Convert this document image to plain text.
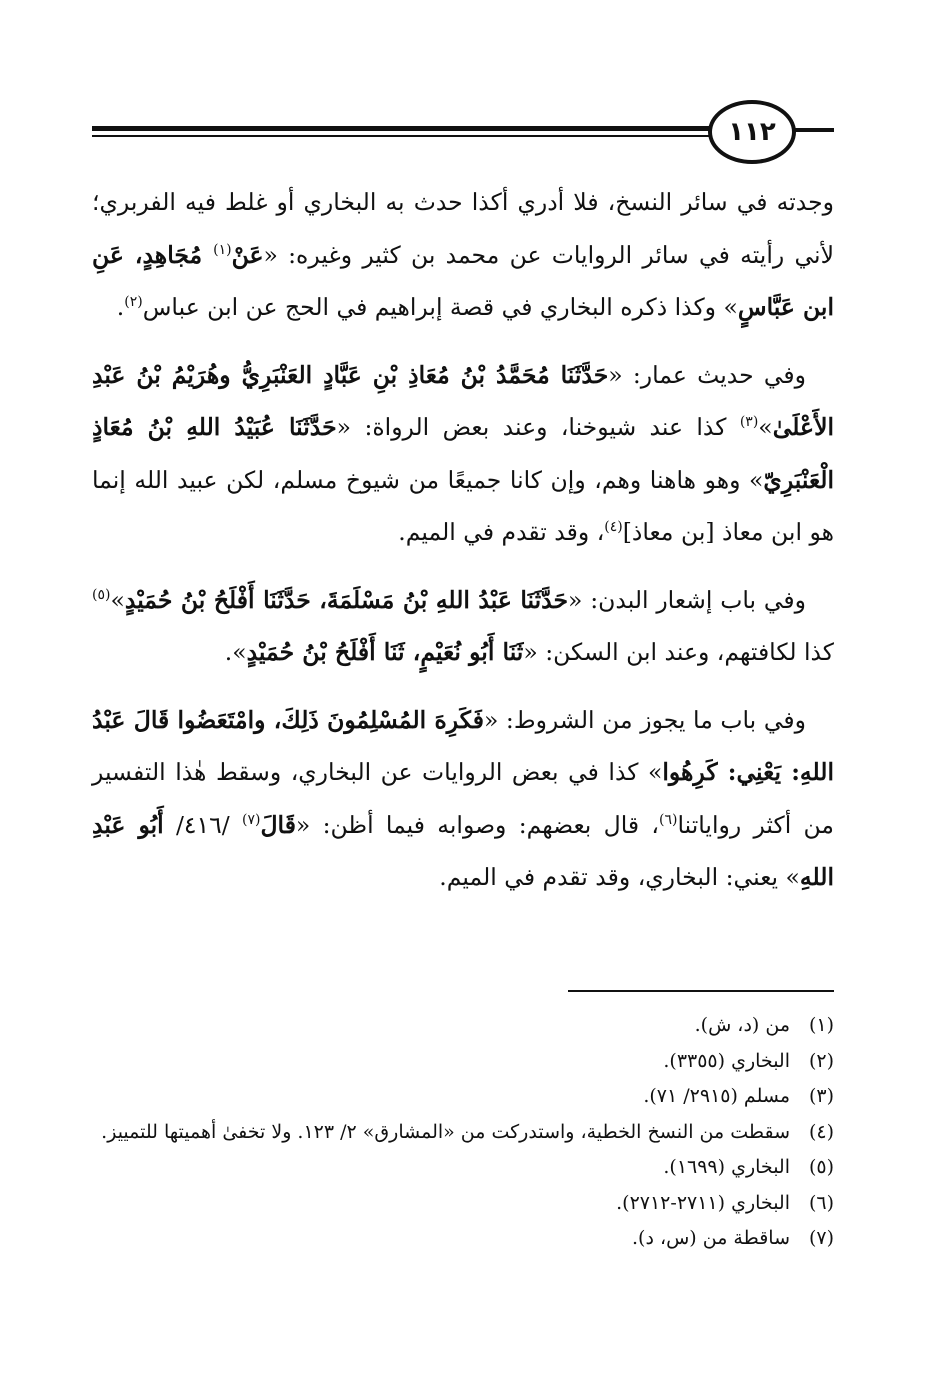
١١٢

وجدته في سائر النسخ، فلا أدري أكذا حدث به البخاري أو غلط فيه الفربري؛ لأني رأيته في سائر الروايات عن محمد بن كثير وغيره: «عَنْ$^{(١)}$ مُجَاهِدٍ، عَنِ ابن عَبَّاسٍ» وكذا ذكره البخاري في قصة إبراهيم في الحج عن ابن عباس$^{(٢)}$.

وفي حديث عمار: «حَدَّثَنَا مُحَمَّدُ بْنُ مُعَاذِ بْنِ عَبَّادٍ العَنْبَرِيُّ وهُرَيْمُ بْنُ عَبْدِ الأَعْلَىٰ»$^{(٣)}$ كذا عند شيوخنا، وعند بعض الرواة: «حَدَّثَنَا عُبَيْدُ اللهِ بْنُ مُعَاذٍ الْعَنْبَرِيّ» وهو هاهنا وهم، وإن كانا جميعًا من شيوخ مسلم، لكن عبيد الله إنما هو ابن معاذ [بن معاذ]$^{(٤)}$، وقد تقدم في الميم.

وفي باب إشعار البدن: «حَدَّثَنَا عَبْدُ اللهِ بْنُ مَسْلَمَةَ، حَدَّثَنَا أَفْلَحُ بْنُ حُمَيْدٍ»$^{(٥)}$ كذا لكافتهم، وعند ابن السكن: «ثَنَا أَبُو نُعَيْمٍ، ثَنَا أَفْلَحُ بْنُ حُمَيْدٍ».

وفي باب ما يجوز من الشروط: «فَكَرِهَ المُسْلِمُونَ ذَلِكَ، وامْتَعَضُوا قَالَ عَبْدُ اللهِ: يَعْنِي: كَرِهُوا» كذا في بعض الروايات عن البخاري، وسقط هٰذا التفسير من أكثر رواياتنا$^{(٦)}$، قال بعضهم: وصوابه فيما أظن: «قَالَ$^{(٧)}$ /٤١٦/ أَبُو عَبْدِ اللهِ» يعني: البخاري، وقد تقدم في الميم.

(١)
من (د، ش).
(٢)
البخاري (٣٣٥٥).
(٣)
مسلم (٢٩١٥/ ٧١).
(٤)
سقطت من النسخ الخطية، واستدركت من «المشارق» ٢/ ١٢٣. ولا تخفىٰ أهميتها للتمييز.
(٥)
البخاري (١٦٩٩).
(٦)
البخاري (٢٧١١-٢٧١٢).
(٧)
ساقطة من (س، د).
